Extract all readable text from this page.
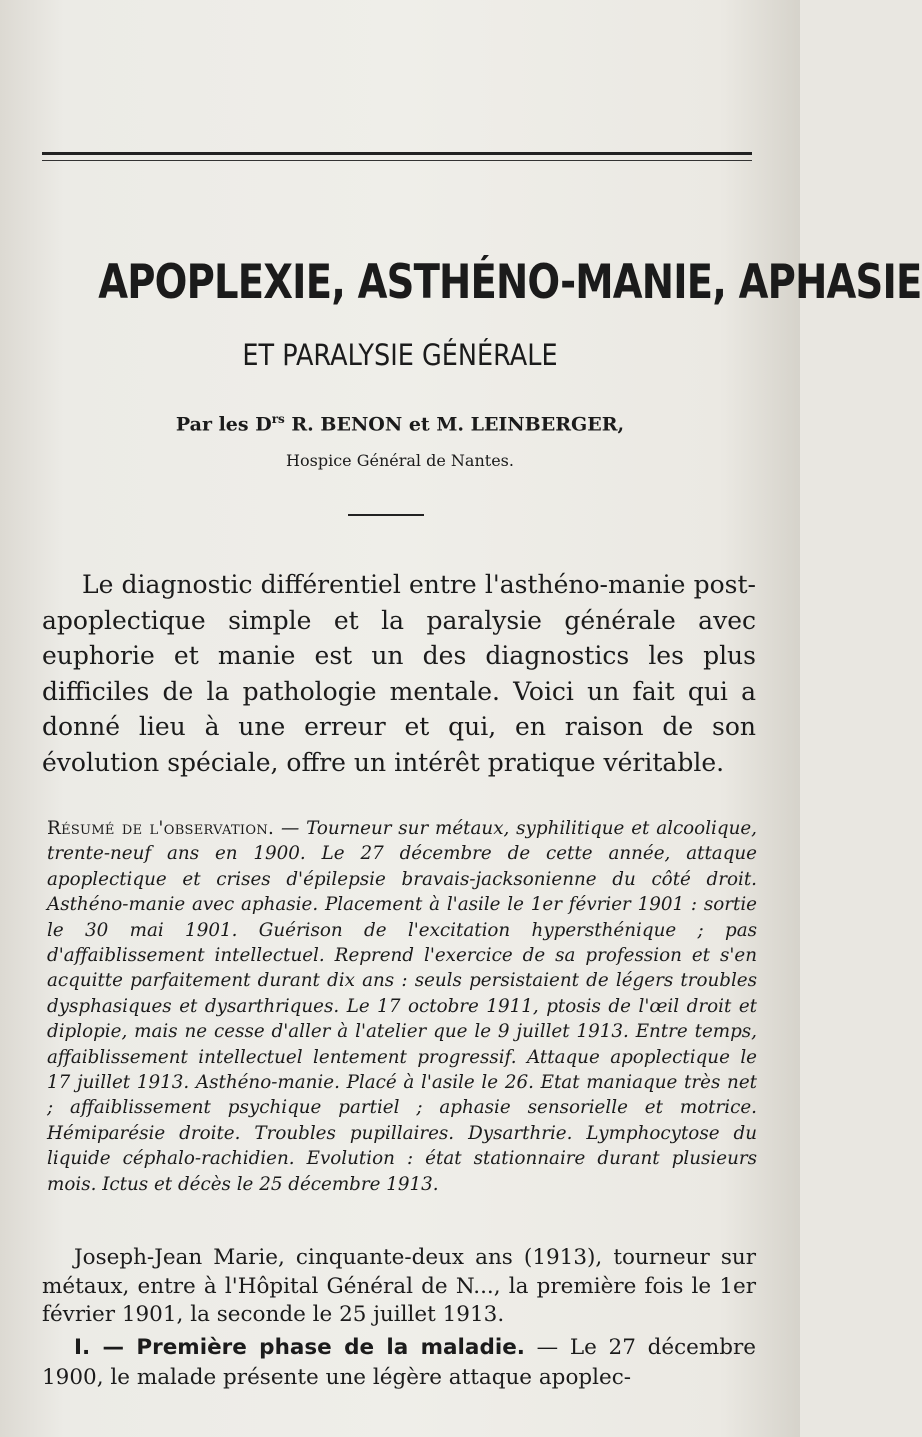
APOPLEXIE, ASTHÉNO-MANIE, APHASIE
ET PARALYSIE GÉNÉRALE
Par les $D^{rs}$ R. BENON et M. LEINBERGER,
Hospice Général de Nantes.
Le diagnostic différentiel entre l'asthéno-manie post-apoplectique simple et la paralysie générale avec euphorie et manie est un des diagnostics les plus difficiles de la pathologie mentale. Voici un fait qui a donné lieu à une erreur et qui, en raison de son évolution spéciale, offre un intérêt pratique véritable.
Résumé de l'observation. — Tourneur sur métaux, syphilitique et alcoolique, trente-neuf ans en 1900. Le 27 décembre de cette année, attaque apoplectique et crises d'épilepsie bravais-jacksonienne du côté droit. Asthéno-manie avec aphasie. Placement à l'asile le 1er février 1901 : sortie le 30 mai 1901. Guérison de l'excitation hypersthénique ; pas d'affaiblissement intellectuel. Reprend l'exercice de sa profession et s'en acquitte parfaitement durant dix ans : seuls persistaient de légers troubles dysphasiques et dysarthriques. Le 17 octobre 1911, ptosis de l'œil droit et diplopie, mais ne cesse d'aller à l'atelier que le 9 juillet 1913. Entre temps, affaiblissement intellectuel lentement progressif. Attaque apoplectique le 17 juillet 1913. Asthéno-manie. Placé à l'asile le 26. Etat maniaque très net ; affaiblissement psychique partiel ; aphasie sensorielle et motrice. Hémiparésie droite. Troubles pupillaires. Dysarthrie. Lymphocytose du liquide céphalo-rachidien. Evolution : état stationnaire durant plusieurs mois. Ictus et décès le 25 décembre 1913.
Joseph-Jean Marie, cinquante-deux ans (1913), tourneur sur métaux, entre à l'Hôpital Général de N..., la première fois le 1er février 1901, la seconde le 25 juillet 1913.
I. — Première phase de la maladie. — Le 27 décembre 1900, le malade présente une légère attaque apoplec-
